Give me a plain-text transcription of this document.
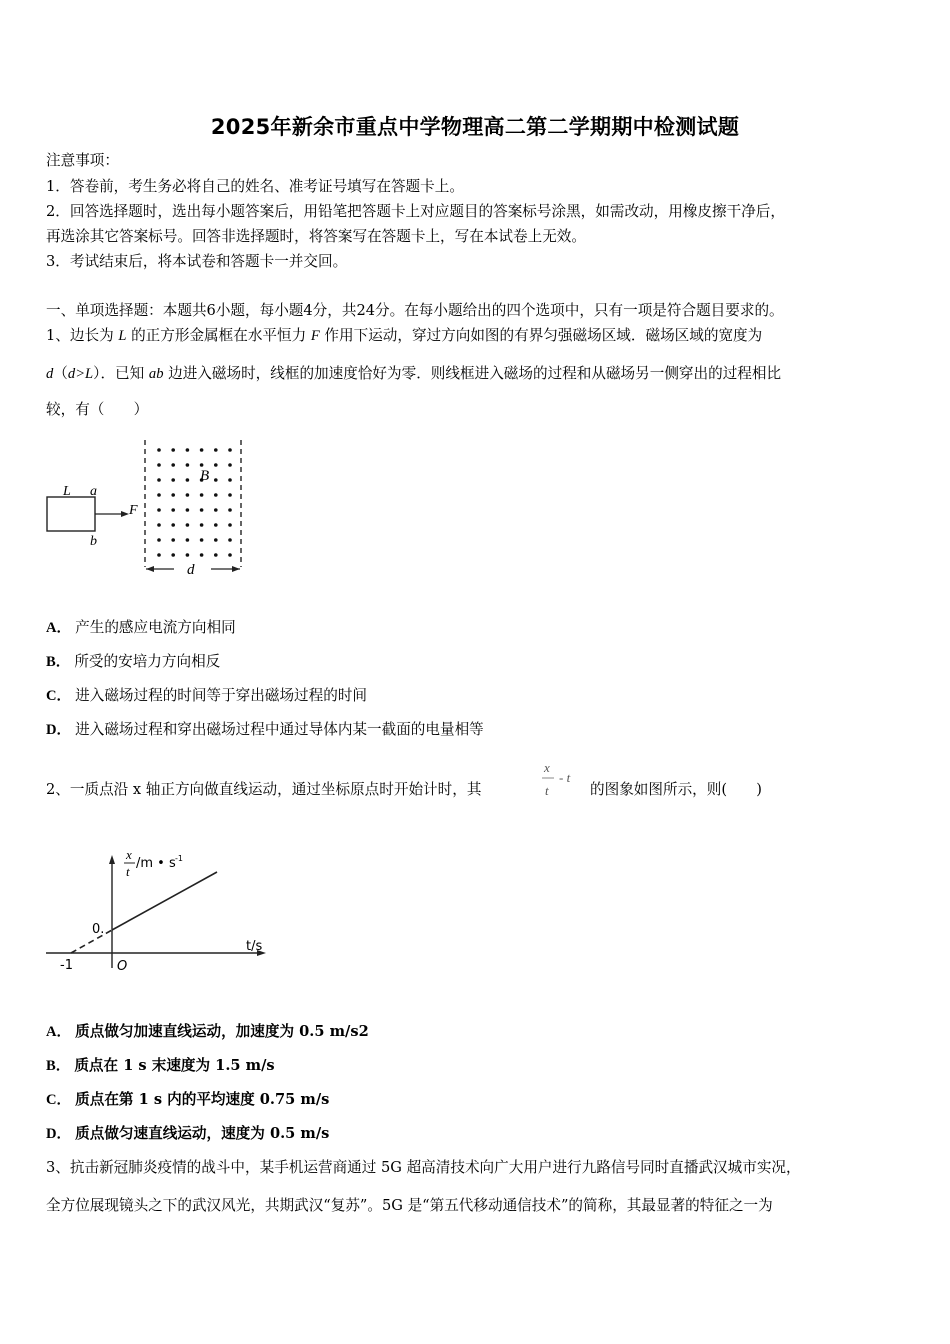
2025年新余市重点中学物理高二第二学期期中检测试题
注意事项：
1．答卷前，考生务必将自己的姓名、准考证号填写在答题卡上。
2．回答选择题时，选出每小题答案后，用铅笔把答题卡上对应题目的答案标号涂黑，如需改动，用橡皮擦干净后，
再选涂其它答案标号。回答非选择题时，将答案写在答题卡上，写在本试卷上无效。
3．考试结束后，将本试卷和答题卡一并交回。
一、单项选择题：本题共6小题，每小题4分，共24分。在每小题给出的四个选项中，只有一项是符合题目要求的。
1、边长为 L 的正方形金属框在水平恒力 F 作用下运动，穿过方向如图的有界匀强磁场区域．磁场区域的宽度为
d（d>L）．已知 ab 边进入磁场时，线框的加速度恰好为零．则线框进入磁场的过程和从磁场另一侧穿出的过程相比
较，有（　　）
L a
b
F
B
d
A． 产生的感应电流方向相同
B． 所受的安培力方向相反
C． 进入磁场过程的时间等于穿出磁场过程的时间
D． 进入磁场过程和穿出磁场过程中通过导体内某一截面的电量相等
2、一质点沿 x 轴正方向做直线运动，通过坐标原点时开始计时，其
x
t
- t
的图象如图所示，则(　　)
x
t
/m • s -1
0.
-1	O
t/s
A． 质点做匀加速直线运动，加速度为 0.5 m/s2
B． 质点在 1 s 末速度为 1.5 m/s
C． 质点在第 1 s 内的平均速度 0.75 m/s
D． 质点做匀速直线运动，速度为 0.5 m/s
3、抗击新冠肺炎疫情的战斗中，某手机运营商通过 5G 超高清技术向广大用户进行九路信号同时直播武汉城市实况，
全方位展现镜头之下的武汉风光，共期武汉“复苏”。5G 是“第五代移动通信技术”的简称，其最显著的特征之一为
